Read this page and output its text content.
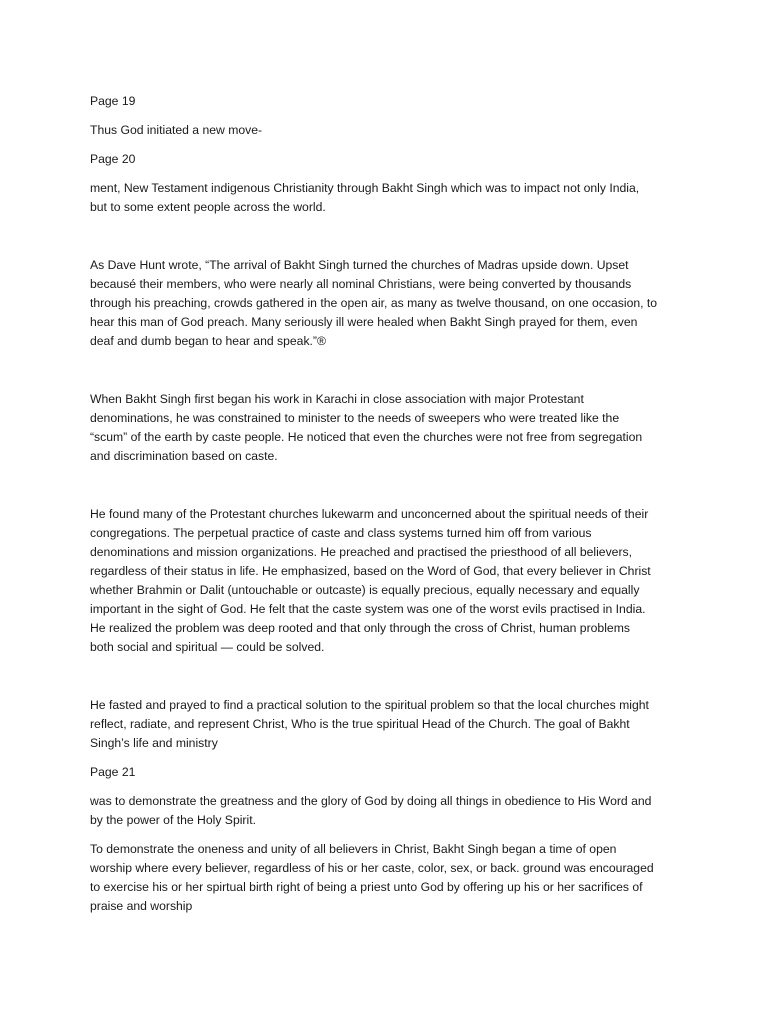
Page 19

Thus God initiated a new move-

Page 20

ment, New Testament indigenous Christianity through Bakht Singh which was to impact not only India,
but to some extent people across the world.

As Dave Hunt wrote, “The arrival of Bakht Singh turned the churches of Madras upside down. Upset
becausé their members, who were nearly all nominal Christians, were being converted by thousands
through his preaching, crowds gathered in the open air, as many as twelve thousand, on one occasion, to
hear this man of God preach. Many seriously ill were healed when Bakht Singh prayed for them, even
deaf and dumb began to hear and speak.”®

When Bakht Singh first began his work in Karachi in close association with major Protestant
denominations, he was constrained to minister to the needs of sweepers who were treated like the
“scum” of the earth by caste people. He noticed that even the churches were not free from segregation
and discrimination based on caste.

He found many of the Protestant churches lukewarm and unconcerned about the spiritual needs of their
congregations. The perpetual practice of caste and class systems turned him off from various
denominations and mission organizations. He preached and practised the priesthood of all believers,
regardless of their status in life. He emphasized, based on the Word of God, that every believer in Christ
whether Brahmin or Dalit (untouchable or outcaste) is equally precious, equally necessary and equally
important in the sight of God. He felt that the caste system was one of the worst evils practised in India.
He realized the problem was deep rooted and that only through the cross of Christ, human problems
both social and spiritual — could be solved.

He fasted and prayed to find a practical solution to the spiritual problem so that the local churches might
reflect, radiate, and represent Christ, Who is the true spiritual Head of the Church. The goal of Bakht
Singh’s life and ministry

Page 21

was to demonstrate the greatness and the glory of God by doing all things in obedience to His Word and
by the power of the Holy Spirit.

To demonstrate the oneness and unity of all believers in Christ, Bakht Singh began a time of open
worship where every believer, regardless of his or her caste, color, sex, or back. ground was encouraged
to exercise his or her spirtual birth right of being a priest unto God by offering up his or her sacrifices of
praise and worship
